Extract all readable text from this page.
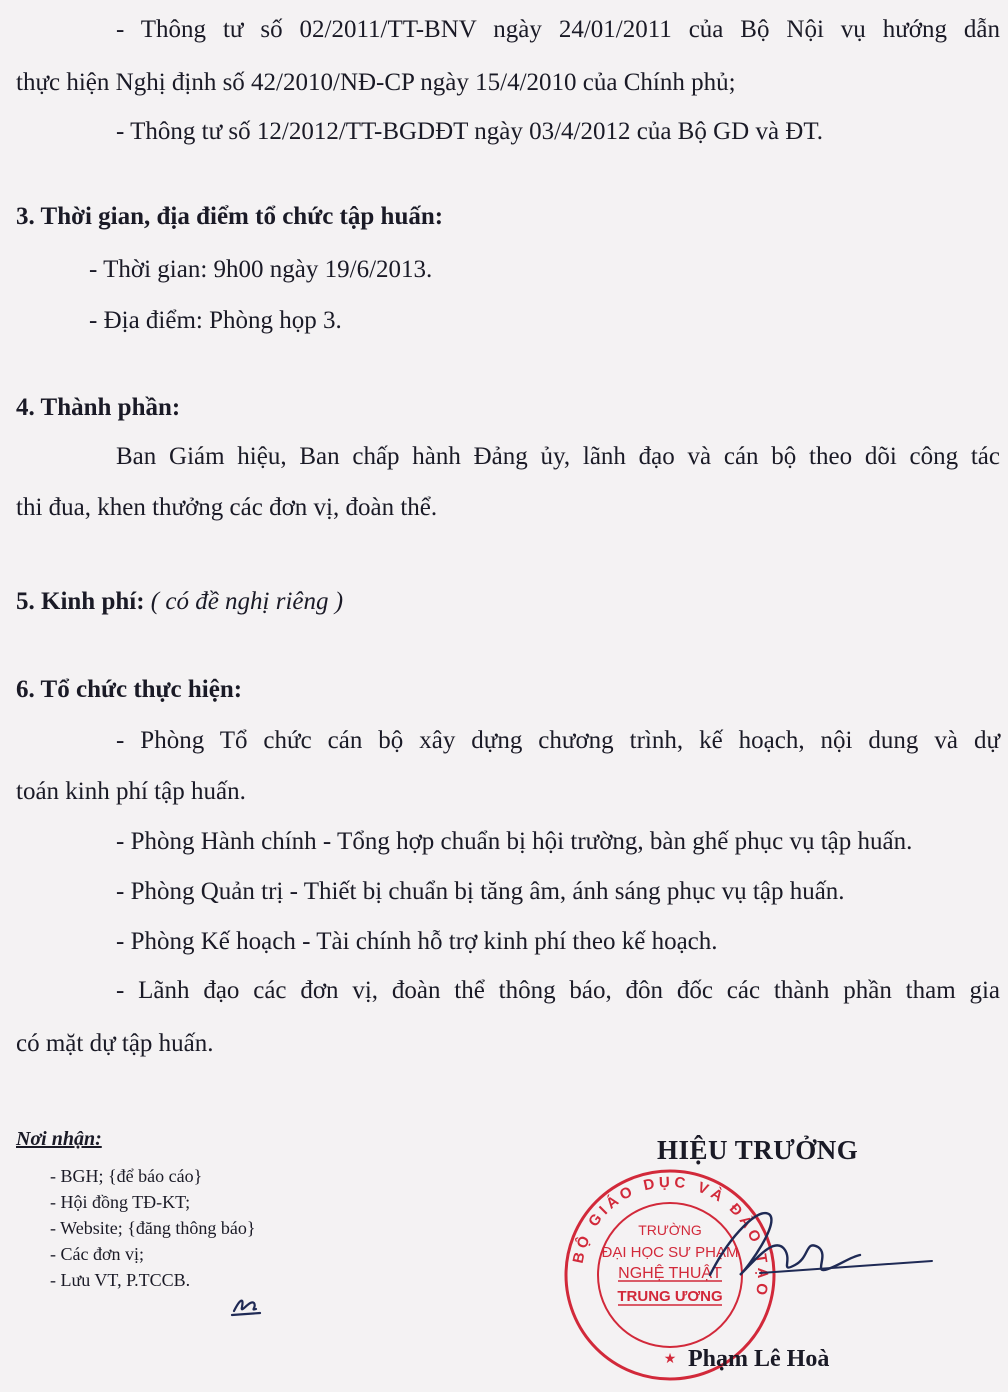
- Thông tư số 02/2011/TT-BNV ngày 24/01/2011 của Bộ Nội vụ hướng dẫn
thực hiện Nghị định số 42/2010/NĐ-CP ngày 15/4/2010 của Chính phủ;
- Thông tư số 12/2012/TT-BGDĐT ngày 03/4/2012 của Bộ GD và ĐT.
3. Thời gian, địa điểm tổ chức tập huấn:
- Thời gian: 9h00 ngày 19/6/2013.
- Địa điểm: Phòng họp 3.
4. Thành phần:
Ban Giám hiệu, Ban chấp hành Đảng ủy, lãnh đạo và cán bộ theo dõi công tác
thi đua, khen thưởng các đơn vị, đoàn thể.
5. Kinh phí: ( có đề nghị riêng )
6. Tổ chức thực hiện:
- Phòng Tổ chức cán bộ xây dựng chương trình, kế hoạch, nội dung và dự
toán kinh phí tập huấn.
- Phòng Hành chính - Tổng hợp chuẩn bị hội trường, bàn ghế phục vụ tập huấn.
- Phòng Quản trị - Thiết bị chuẩn bị tăng âm, ánh sáng phục vụ tập huấn.
- Phòng Kế hoạch - Tài chính hỗ trợ kinh phí theo kế hoạch.
- Lãnh đạo các đơn vị, đoàn thể thông báo, đôn đốc các thành phần tham gia
có mặt dự tập huấn.
Nơi nhận:
- BGH; {để báo cáo}
- Hội đồng TĐ-KT;
- Website; {đăng thông báo}
- Các đơn vị;
- Lưu VT, P.TCCB.
HIỆU TRƯỞNG
BỘ GIÁO DỤC VÀ ĐÀO TẠO
TRƯỜNG
ĐẠI HỌC SƯ PHẠM
NGHỆ THUẬT
TRUNG ƯƠNG
★ Phạm Lê Hoà
